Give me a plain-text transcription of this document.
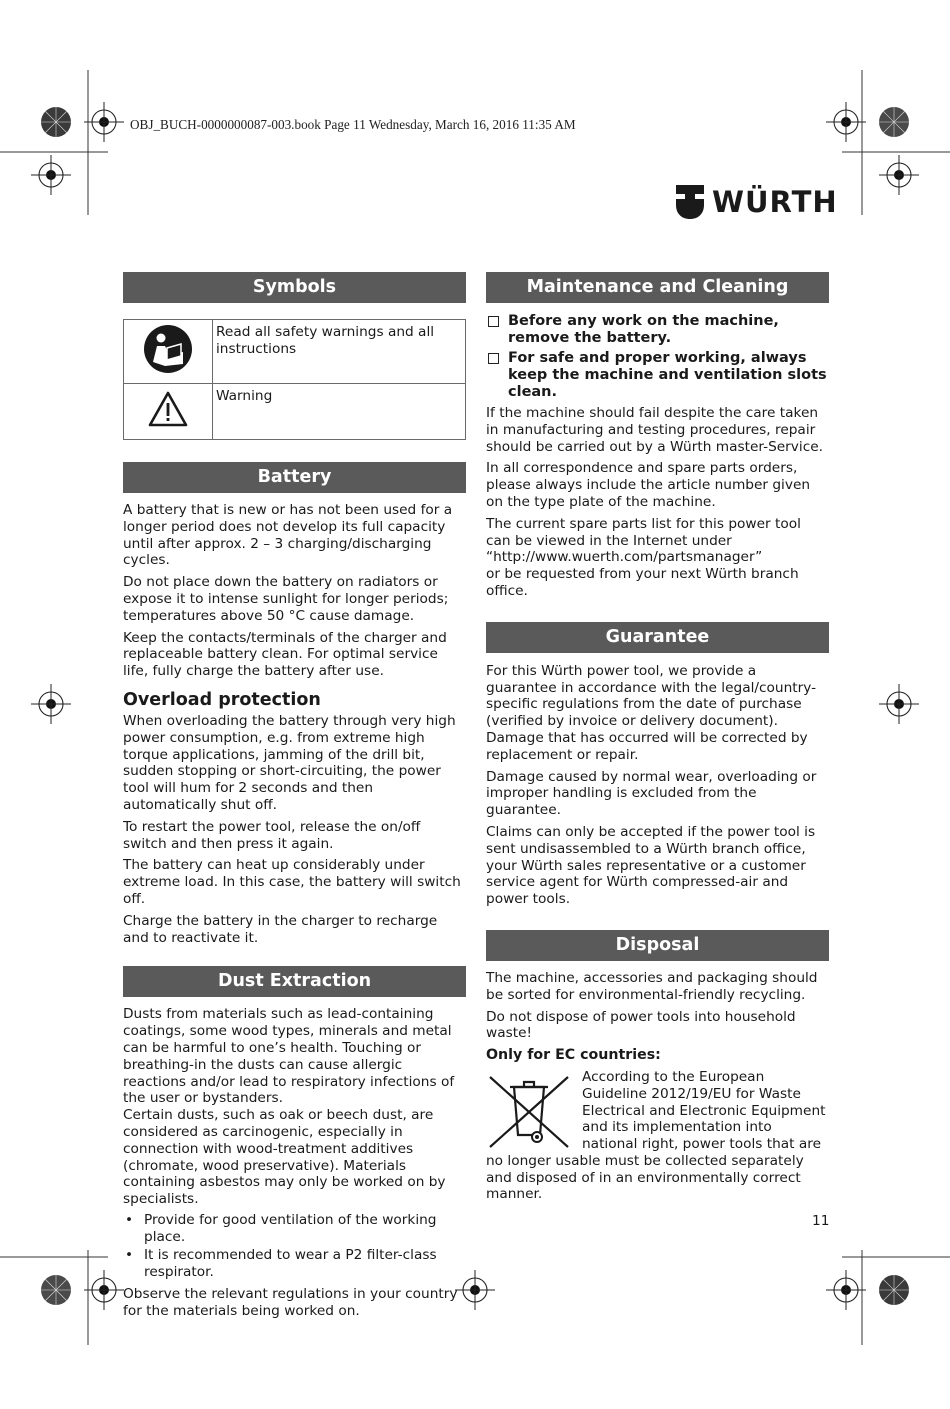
OBJ_BUCH-0000000087-003.book Page 11 Wednesday, March 16, 2016 11:35 AM
WÜRTH
Symbols
	Read all safety warnings and all instructions
	Warning
Battery

A battery that is new or has not been used for a longer period does not develop its full capacity until after approx. 2 – 3 charging/discharging cycles.

Do not place down the battery on radiators or expose it to intense sunlight for longer periods; temperatures above 50 °C cause damage.

Keep the contacts/terminals of the charger and replaceable battery clean. For optimal service life, fully charge the battery after use.

Overload protection

When overloading the battery through very high power consumption, e.g. from extreme high torque applications, jamming of the drill bit, sudden stopping or short-circuiting, the power tool will hum for 2 seconds and then automatically shut off.

To restart the power tool, release the on/off switch and then press it again.

The battery can heat up considerably under extreme load. In this case, the battery will switch off.

Charge the battery in the charger to recharge and to reactivate it.

Dust Extraction

Dusts from materials such as lead-containing coatings, some wood types, minerals and metal can be harmful to one’s health. Touching or breathing-in the dusts can cause allergic reactions and/or lead to respiratory infections of the user or bystanders.

Certain dusts, such as oak or beech dust, are considered as carcinogenic, especially in connection with wood-treatment additives (chromate, wood preservative). Materials containing asbestos may only be worked on by specialists.

• Provide for good ventilation of the working place.
• It is recommended to wear a P2 filter-class respirator.

Observe the relevant regulations in your country for the materials being worked on.

Maintenance and Cleaning
Before any work on the machine, remove the battery.
For safe and proper working, always keep the machine and ventilation slots clean.

If the machine should fail despite the care taken in manufacturing and testing procedures, repair should be carried out by a Würth master-Service.

In all correspondence and spare parts orders, please always include the article number given on the type plate of the machine.

The current spare parts list for this power tool can be viewed in the Internet under

“http://www.wuerth.com/partsmanager”

or be requested from your next Würth branch office.

Guarantee

For this Würth power tool, we provide a guarantee in accordance with the legal/country-specific regulations from the date of purchase (verified by invoice or delivery document). Damage that has occurred will be corrected by replacement or repair.

Damage caused by normal wear, overloading or improper handling is excluded from the guarantee.

Claims can only be accepted if the power tool is sent undisassembled to a Würth branch office, your Würth sales representative or a customer service agent for Würth compressed-air and power tools.

Disposal

The machine, accessories and packaging should be sorted for environmental-friendly recycling.

Do not dispose of power tools into household waste!

Only for EC countries:

According to the European Guideline 2012/19/EU for Waste Electrical and Electronic Equipment and its implementation into national right, power tools that are no longer usable must be collected separately and disposed of in an environmentally correct manner.

11
